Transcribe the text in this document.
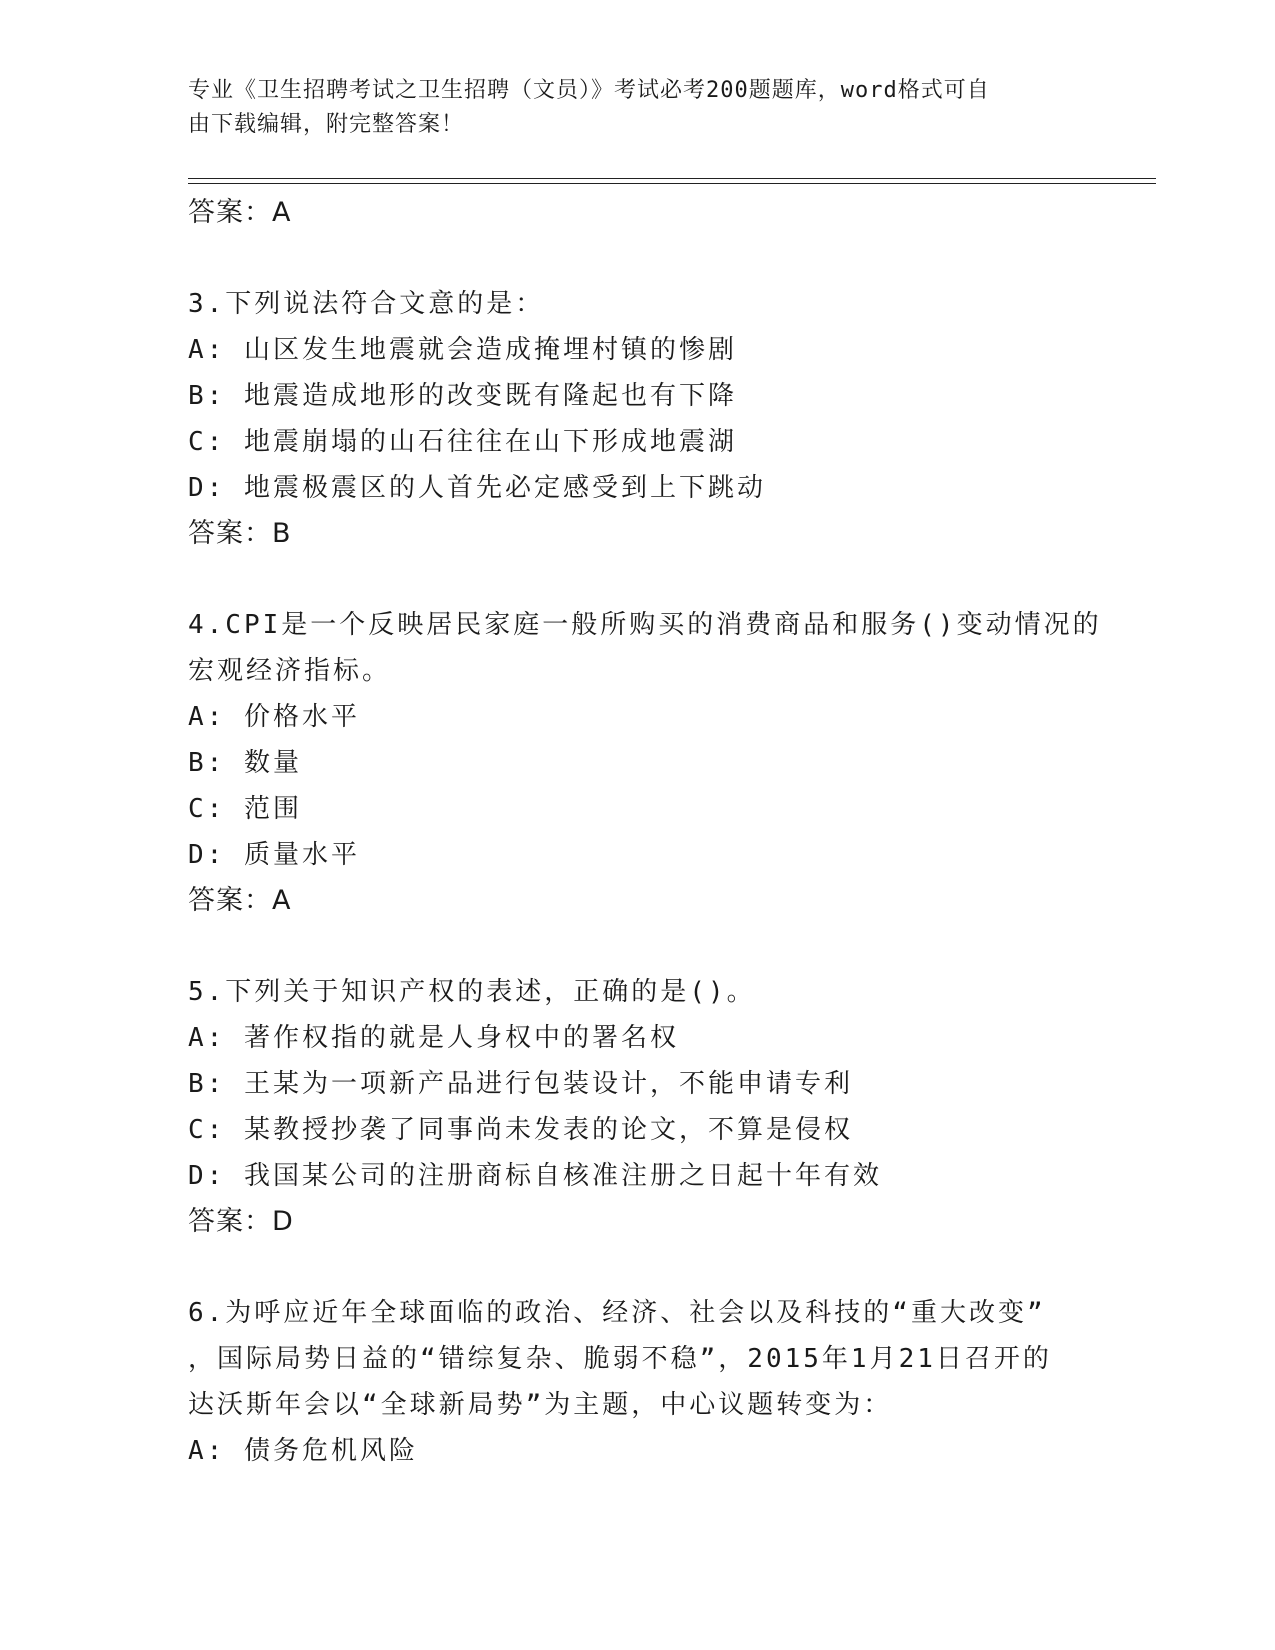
专业《卫生招聘考试之卫生招聘（文员）》考试必考200题题库，word格式可自
由下载编辑，附完整答案！
答案：A
3.下列说法符合文意的是：
A: 山区发生地震就会造成掩埋村镇的惨剧
B: 地震造成地形的改变既有隆起也有下降
C: 地震崩塌的山石往往在山下形成地震湖
D: 地震极震区的人首先必定感受到上下跳动
答案：B
4.CPI是一个反映居民家庭一般所购买的消费商品和服务()变动情况的
宏观经济指标。
A: 价格水平
B: 数量
C: 范围
D: 质量水平
答案：A
5.下列关于知识产权的表述，正确的是()。
A: 著作权指的就是人身权中的署名权
B: 王某为一项新产品进行包装设计，不能申请专利
C: 某教授抄袭了同事尚未发表的论文，不算是侵权
D: 我国某公司的注册商标自核准注册之日起十年有效
答案：D
6.为呼应近年全球面临的政治、经济、社会以及科技的“重大改变”
，国际局势日益的“错综复杂、脆弱不稳”，2015年1月21日召开的
达沃斯年会以“全球新局势”为主题，中心议题转变为：
A: 债务危机风险
